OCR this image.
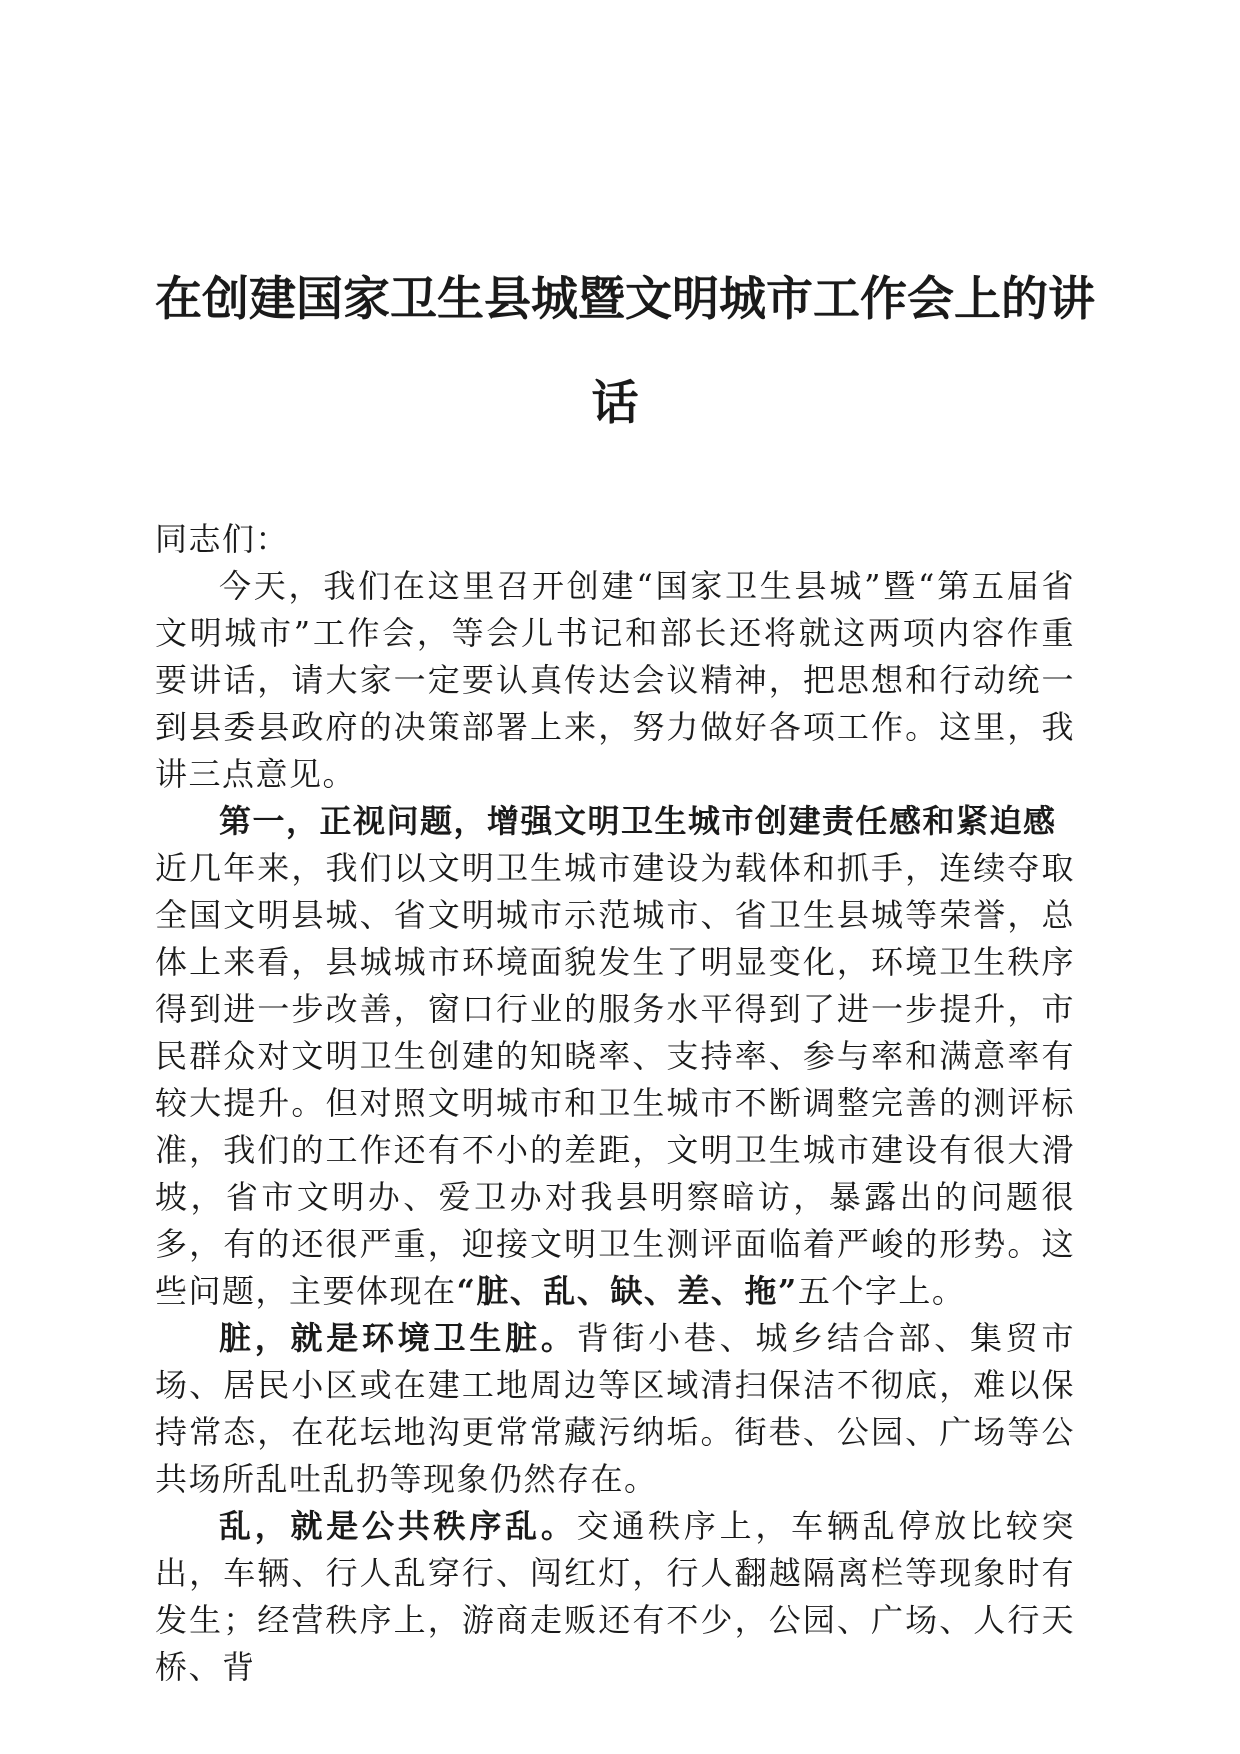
在创建国家卫生县城暨文明城市工作会上的讲
话

同志们：

今天，我们在这里召开创建“国家卫生县城”暨“第五届省文明城市”工作会，等会儿书记和部长还将就这两项内容作重要讲话，请大家一定要认真传达会议精神，把思想和行动统一到县委县政府的决策部署上来，努力做好各项工作。这里，我讲三点意见。

第一，正视问题，增强文明卫生城市创建责任感和紧迫感

近几年来，我们以文明卫生城市建设为载体和抓手，连续夺取全国文明县城、省文明城市示范城市、省卫生县城等荣誉，总体上来看，县城城市环境面貌发生了明显变化，环境卫生秩序得到进一步改善，窗口行业的服务水平得到了进一步提升，市民群众对文明卫生创建的知晓率、支持率、参与率和满意率有较大提升。但对照文明城市和卫生城市不断调整完善的测评标准，我们的工作还有不小的差距，文明卫生城市建设有很大滑坡，省市文明办、爱卫办对我县明察暗访，暴露出的问题很多，有的还很严重，迎接文明卫生测评面临着严峻的形势。这些问题，主要体现在“脏、乱、缺、差、拖”五个字上。

脏，就是环境卫生脏。背街小巷、城乡结合部、集贸市场、居民小区或在建工地周边等区域清扫保洁不彻底，难以保持常态，在花坛地沟更常常藏污纳垢。街巷、公园、广场等公共场所乱吐乱扔等现象仍然存在。

乱，就是公共秩序乱。交通秩序上，车辆乱停放比较突出，车辆、行人乱穿行、闯红灯，行人翻越隔离栏等现象时有发生；经营秩序上，游商走贩还有不少，公园、广场、人行天桥、背
